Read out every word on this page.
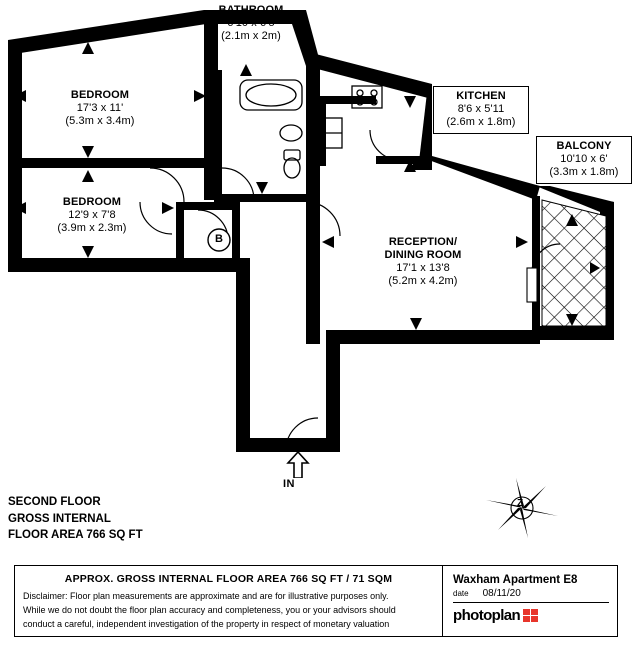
BATHROOM
6'10 x 6'5
(2.1m x 2m)
BEDROOM
17'3 x 11'
(5.3m x 3.4m)
BEDROOM
12'9 x 7'8
(3.9m x 2.3m)
KITCHEN
8'6 x 5'11
(2.6m x 1.8m)
BALCONY
10'10 x 6'
(3.3m x 1.8m)
RECEPTION/
DINING ROOM
17'1 x 13'8
(5.2m x 4.2m)
B
IN
Z
SECOND FLOOR
GROSS INTERNAL
FLOOR AREA 766 SQ FT
APPROX. GROSS INTERNAL FLOOR AREA 766 SQ FT / 71 SQM
Disclaimer: Floor plan measurements are approximate and are for illustrative purposes only.
While we do not doubt the floor plan accuracy and completeness, you or your advisors should
conduct a careful, independent investigation of the property in respect of monetary valuation
Waxham Apartment E8
date 08/11/20
photoplan
